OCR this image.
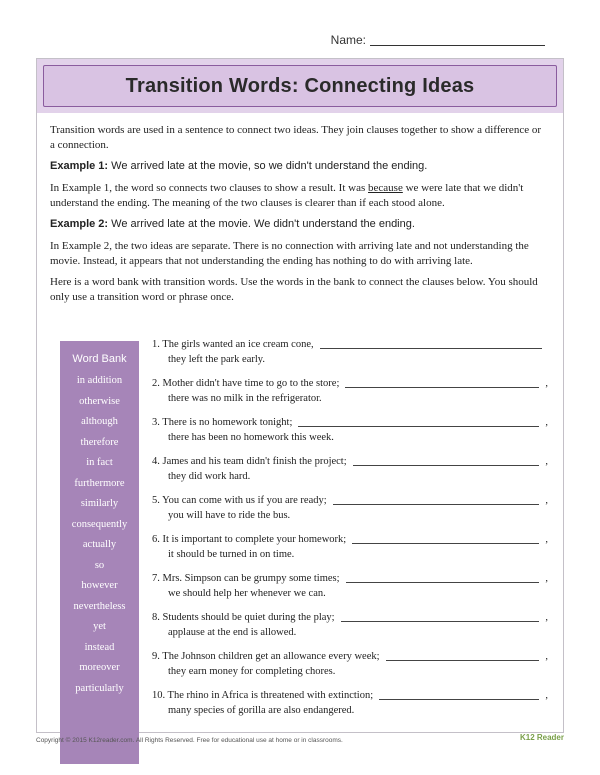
Name:
Transition Words: Connecting Ideas

Transition words are used in a sentence to connect two ideas. They join clauses together to show a difference or a connection.

Example 1: We arrived late at the movie, so we didn't understand the ending.

In Example 1, the word so connects two clauses to show a result. It was because we were late that we didn't understand the ending. The meaning of the two clauses is clearer than if each stood alone.

Example 2: We arrived late at the movie. We didn't understand the ending.

In Example 2, the two ideas are separate. There is no connection with arriving late and not understanding the movie. Instead, it appears that not understanding the ending has nothing to do with arriving late.

Here is a word bank with transition words. Use the words in the bank to connect the clauses below. You should only use a transition word or phrase once.

Word Bank
in addition
otherwise
although
therefore
in fact
furthermore
similarly
consequently
actually
so
however
nevertheless
yet
instead
moreover
particularly
1. The girls wanted an ice cream cone,
they left the park early.
2. Mother didn't have time to go to the store;	,
there was no milk in the refrigerator.
3. There is no homework tonight;	,
there has been no homework this week.
4. James and his team didn't finish the project;	,
they did work hard.
5. You can come with us if you are ready;	,
you will have to ride the bus.
6. It is important to complete your homework;	,
it should be turned in on time.
7. Mrs. Simpson can be grumpy some times;	,
we should help her whenever we can.
8. Students should be quiet during the play;	,
applause at the end is allowed.
9. The Johnson children get an allowance every week;	,
they earn money for completing chores.
10. The rhino in Africa is threatened with extinction;	,
many species of gorilla are also endangered.
Copyright © 2015 K12reader.com. All Rights Reserved. Free for educational use at home or in classrooms.	K12 Reader
